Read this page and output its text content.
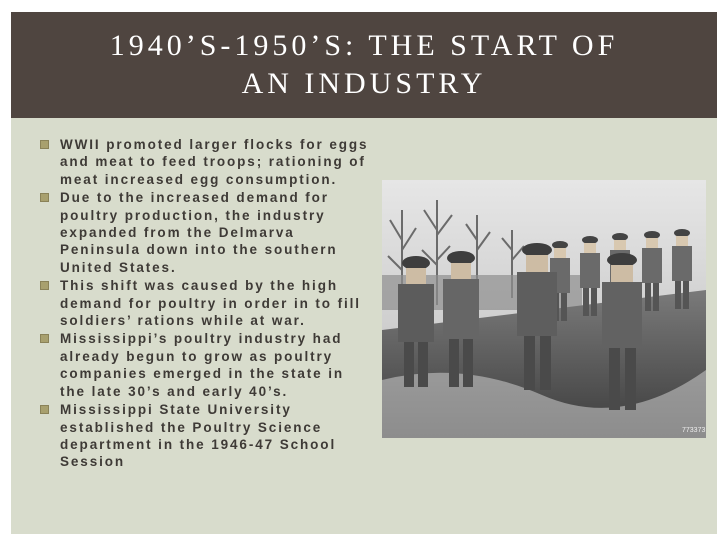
1940’S-1950’S: THE START OF AN INDUSTRY
WWII promoted larger flocks for eggs and meat to feed troops; rationing of meat increased egg consumption.
Due to the increased demand for poultry production, the industry expanded from the Delmarva Peninsula down into the southern United States.
This shift was caused by the high demand for poultry in order in to fill soldiers’ rations while at war.
Mississippi’s poultry industry had already begun to grow as poultry companies emerged in the state in the late 30’s and early 40’s.
Mississippi State University established the Poultry Science department in the 1946-47 School Session
773373
